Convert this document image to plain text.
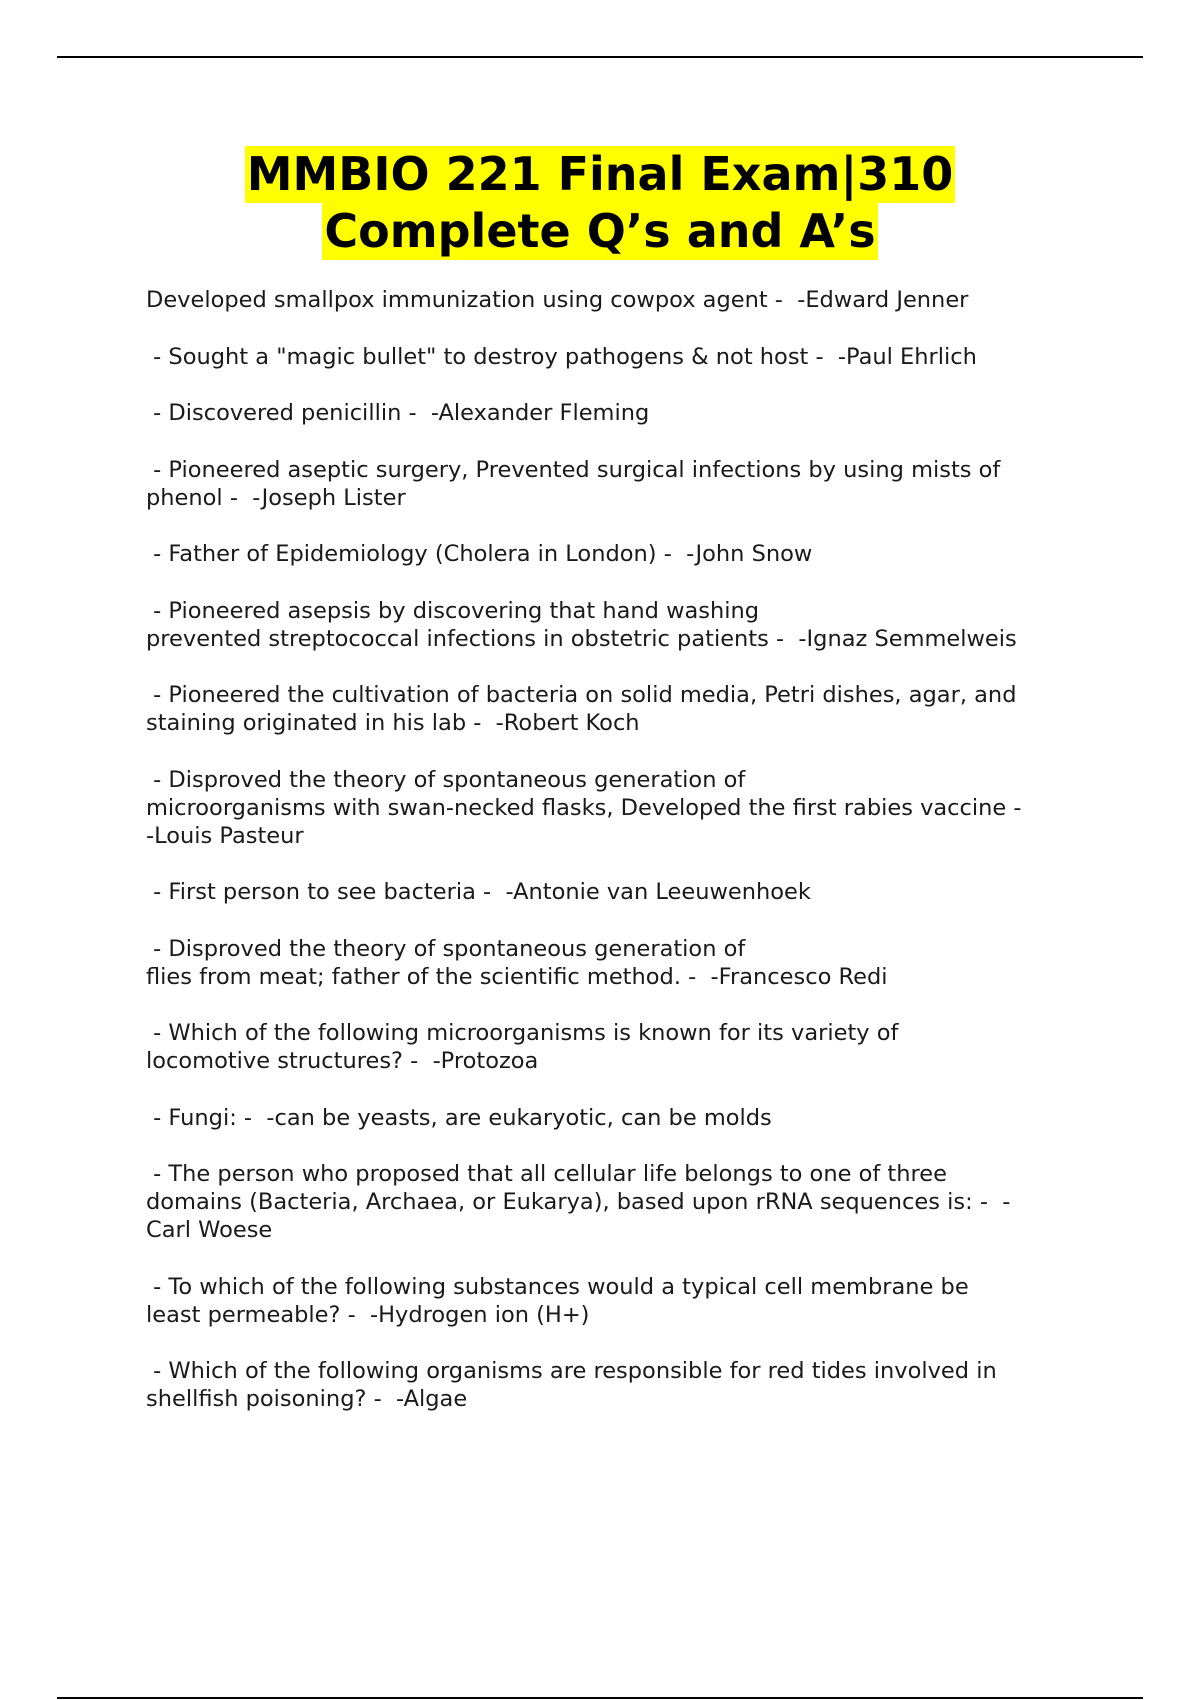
MMBIO 221 Final Exam|310
Complete Q’s and A’s
Developed smallpox immunization using cowpox agent -  -Edward Jenner
- Sought a "magic bullet" to destroy pathogens & not host -  -Paul Ehrlich
- Discovered penicillin -  -Alexander Fleming
- Pioneered aseptic surgery, Prevented surgical infections by using mists of
phenol -  -Joseph Lister
- Father of Epidemiology (Cholera in London) -  -John Snow
- Pioneered asepsis by discovering that hand washing
prevented streptococcal infections in obstetric patients -  -Ignaz Semmelweis
- Pioneered the cultivation of bacteria on solid media, Petri dishes, agar, and
staining originated in his lab -  -Robert Koch
- Disproved the theory of spontaneous generation of
microorganisms with swan-necked flasks, Developed the first rabies vaccine -
-Louis Pasteur
- First person to see bacteria -  -Antonie van Leeuwenhoek
- Disproved the theory of spontaneous generation of
flies from meat; father of the scientific method. -  -Francesco Redi
- Which of the following microorganisms is known for its variety of
locomotive structures? -  -Protozoa
- Fungi: -  -can be yeasts, are eukaryotic, can be molds
- The person who proposed that all cellular life belongs to one of three
domains (Bacteria, Archaea, or Eukarya), based upon rRNA sequences is: -  -
Carl Woese
- To which of the following substances would a typical cell membrane be
least permeable? -  -Hydrogen ion (H+)
- Which of the following organisms are responsible for red tides involved in
shellfish poisoning? -  -Algae
